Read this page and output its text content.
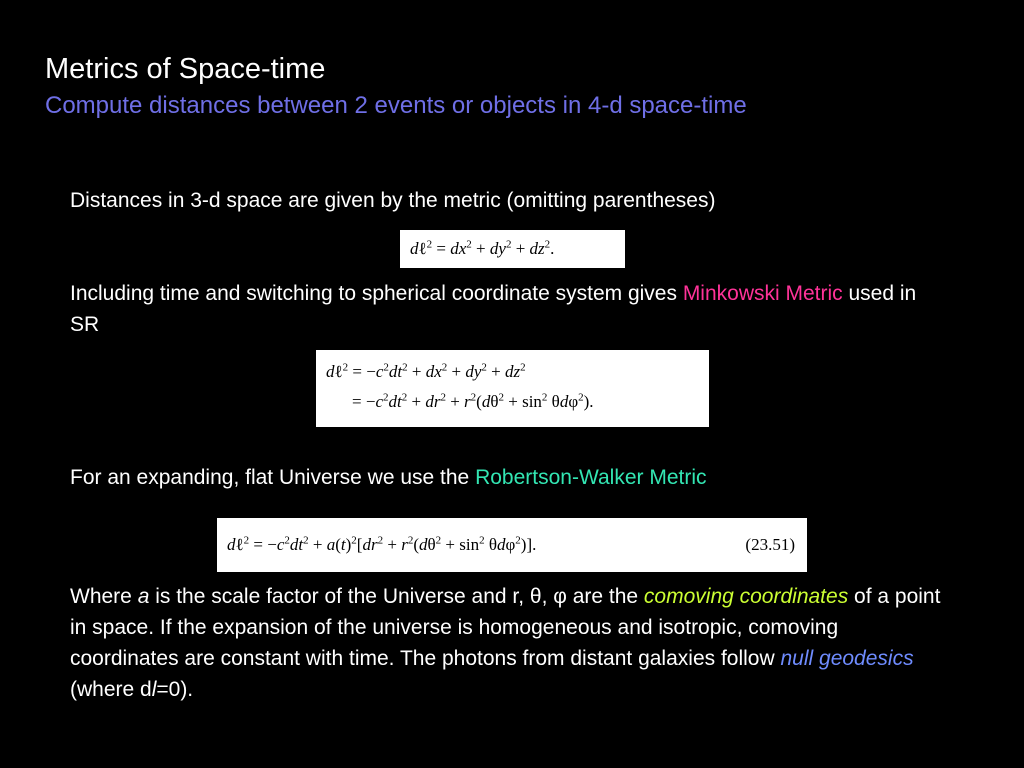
Metrics of Space-time
Compute distances between 2 events or objects in 4-d space-time
Distances in 3-d space are given by the metric (omitting parentheses)
dℓ$^2$ = $dx^2 + dy^2 + dz^2$.
Including time and switching to spherical coordinate system gives Minkowski Metric used in SR
dℓ$^2$ = $-c^2dt^2 + dx^2 + dy^2 + dz^2$
= $-c^2dt^2 + dr^2 + r^2(d\theta^2 + \sin^2 \theta d\varphi^2)$.
For an expanding, flat Universe we use the Robertson-Walker Metric
dℓ$^2$ = $-c^2dt^2 + a(t)^2[dr^2 + r^2(d\theta^2 + \sin^2 \theta d\varphi^2)]$.	(23.51)
Where a is the scale factor of the Universe and r, θ, φ are the comoving coordinates of a point in space. If the expansion of the universe is homogeneous and isotropic, comoving coordinates are constant with time. The photons from distant galaxies follow null geodesics (where dl=0).
